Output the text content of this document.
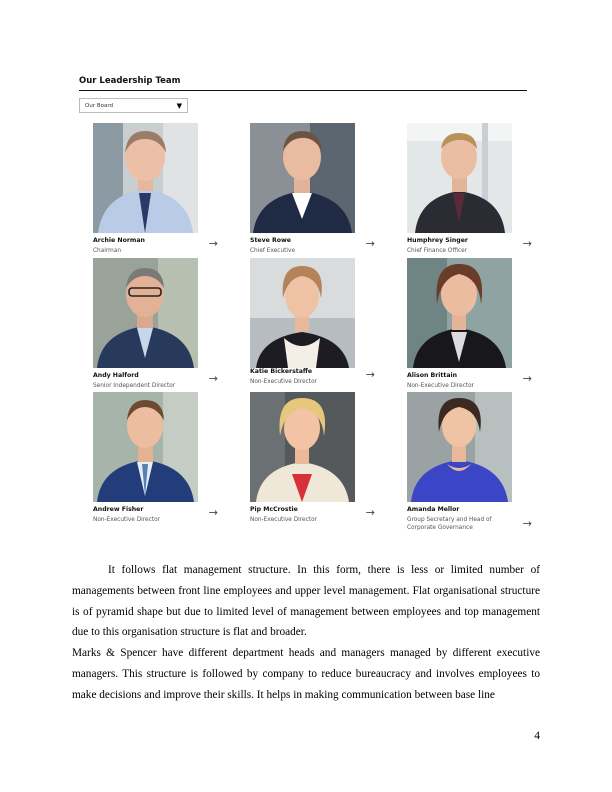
Our Leadership Team
Our Board	▼
Archie Norman
Chairman
→	Steve Rowe
Chief Executive
→	Humphrey Singer
Chief Finance Officer
→
Andy Halford
Senior Independent Director
→
Katie Bickerstaffe
Non-Executive Director
→	Alison Brittain
Non-Executive Director
→
Andrew Fisher
Non-Executive Director
→	Pip McCrostie
Non-Executive Director
→	Amanda Mellor
Group Secretary and Head of Corporate Governance	→

It follows flat management structure. In this form, there is less or limited number of managements between front line employees and upper level management. Flat organisational structure is of pyramid shape but due to limited level of management between employees and top management due to this organisation structure is flat and broader.

Marks & Spencer have different department heads and managers managed by different executive managers. This structure is followed by company to reduce bureaucracy and involves employees to make decisions and improve their skills. It helps in making communication between base line

4
